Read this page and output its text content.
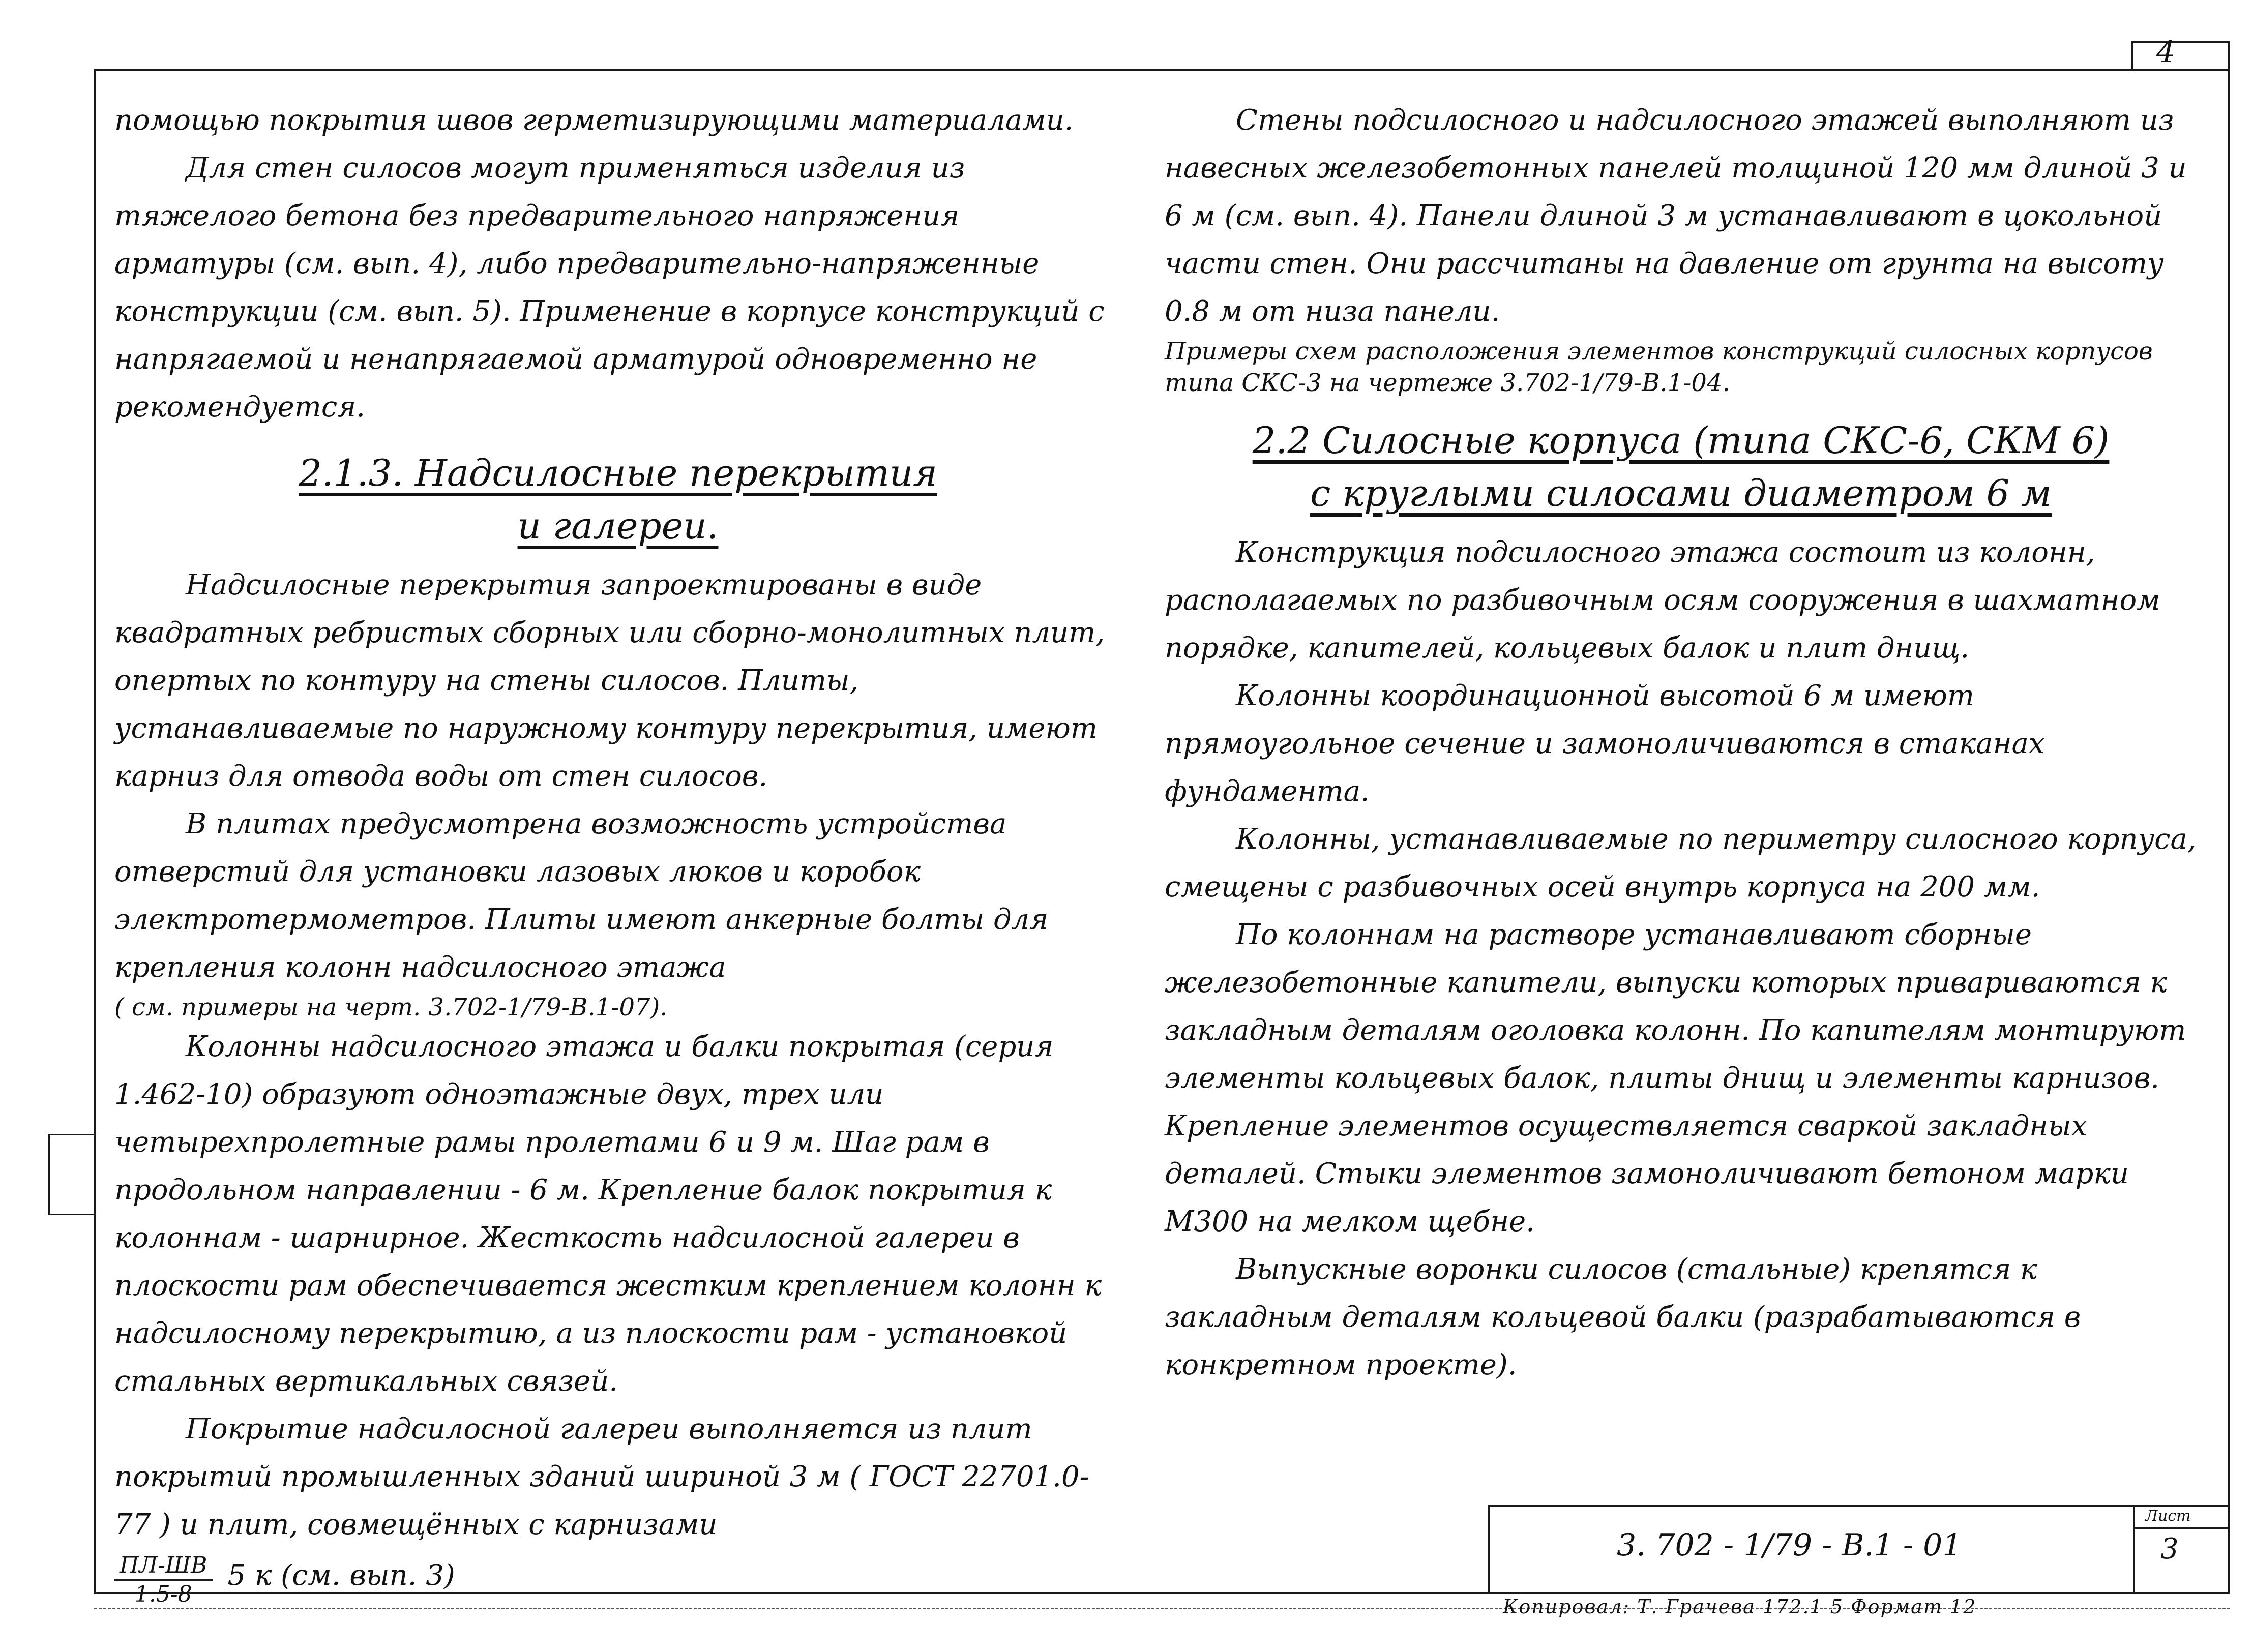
4

помощью покрытия швов герметизирующими материалами.

Для стен силосов могут применяться изделия из тяжелого бетона без предварительного напряжения арматуры (см. вып. 4), либо предварительно-напряженные конструкции (см. вып. 5). Применение в корпусе конструкций с напрягаемой и ненапрягаемой арматурой одновременно не рекомендуется.

2.1.3. Надсилосные перекрытия
и галереи.

Надсилосные перекрытия запроектированы в виде квадратных ребристых сборных или сборно-монолитных плит, опертых по контуру на стены силосов. Плиты, устанавливаемые по наружному контуру перекрытия, имеют карниз для отвода воды от стен силосов.

В плитах предусмотрена возможность устройства отверстий для установки лазовых люков и коробок электротермометров. Плиты имеют анкерные болты для крепления колонн надсилосного этажа

( см. примеры на черт. 3.702-1/79-В.1-07).

Колонны надсилосного этажа и балки покрытая (серия 1.462-10) образуют одноэтажные двух, трех или четырехпролетные рамы пролетами 6 и 9 м. Шаг рам в продольном направлении - 6 м. Крепление балок покрытия к колоннам - шарнирное. Жесткость надсилосной галереи в плоскости рам обеспечивается жестким креплением колонн к надсилосному перекрытию, а из плоскости рам - установкой стальных вертикальных связей.

Покрытие надсилосной галереи выполняется из плит покрытий промышленных зданий шириной 3 м ( ГОСТ 22701.0-77 ) и плит, совмещённых с карнизами

$\frac{ПЛ-ШВ}{1.5-8} 5$ к (см. вып. 3)

Стены подсилосного и надсилосного этажей выполняют из навесных железобетонных панелей толщиной 120 мм длиной 3 и 6 м (см. вып. 4). Панели длиной 3 м устанавливают в цокольной части стен. Они рассчитаны на давление от грунта на высоту 0.8 м от низа панели.

Примеры схем расположения элементов конструкций силосных корпусов типа СКС-3 на чертеже 3.702-1/79-В.1-04.

2.2 Силосные корпуса (типа СКС-6, СКМ 6)
с круглыми силосами диаметром 6 м

Конструкция подсилосного этажа состоит из колонн, располагаемых по разбивочным осям сооружения в шахматном порядке, капителей, кольцевых балок и плит днищ.

Колонны координационной высотой 6 м имеют прямоугольное сечение и замоноличиваются в стаканах фундамента.

Колонны, устанавливаемые по периметру силосного корпуса, смещены с разбивочных осей внутрь корпуса на 200 мм.

По колоннам на растворе устанавливают сборные железобетонные капители, выпуски которых привариваются к закладным деталям оголовка колонн. По капителям монтируют элементы кольцевых балок, плиты днищ и элементы карнизов. Крепление элементов осуществляется сваркой закладных деталей. Стыки элементов замоноличивают бетоном марки М300 на мелком щебне.

Выпускные воронки силосов (стальные) крепятся к закладным деталям кольцевой балки (разрабатываются в конкретном проекте).

3. 702 - 1/79 - В.1 - 01
Лист
3
Копировал: Т. Грачева 172.1 5 Формат 12
